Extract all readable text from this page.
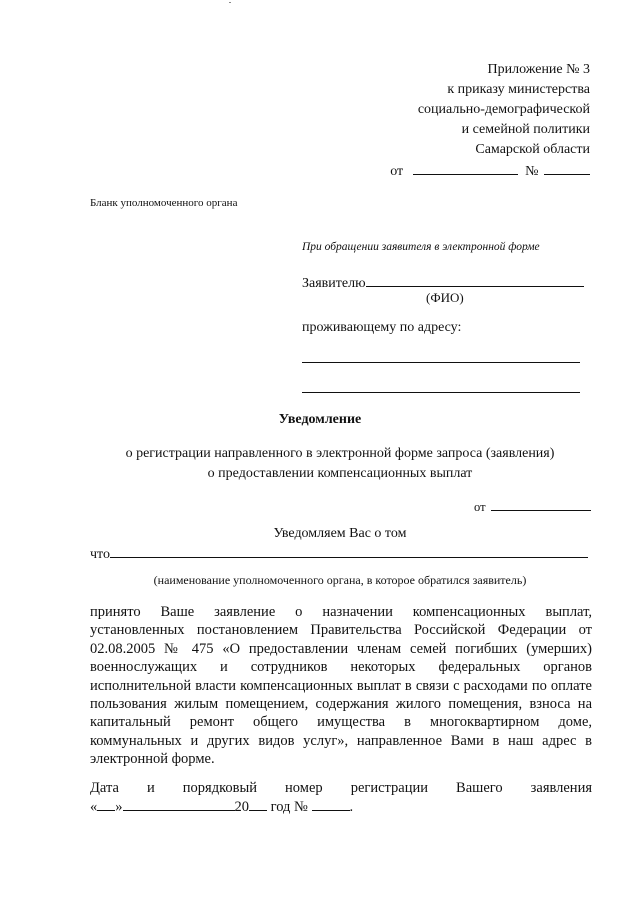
Приложение № 3
к приказу министерства
социально-демографической
и семейной политики
Самарской области
от	№
Бланк уполномоченного органа
При обращении заявителя в электронной форме
Заявителю
(ФИО)
проживающему по адресу:
Уведомление
о регистрации направленного в электронной форме запроса (заявления)
о предоставлении компенсационных выплат
от
Уведомляем Вас о том
что
(наименование уполномоченного органа, в которое обратился заявитель)

принято Ваше заявление о назначении компенсационных выплат, установленных постановлением Правительства Российской Федерации от 02.08.2005 № 475 «О предоставлении членам семей погибших (умерших) военнослужащих и сотрудников некоторых федеральных органов исполнительной власти компенсационных выплат в связи с расходами по оплате пользования жилым помещением, содержания жилого помещения, взноса на капитальный ремонт общего имущества в многоквартирном доме, коммунальных и других видов услуг», направленное Вами в наш адрес в электронной форме.

Дата и порядковый номер регистрации Вашего заявления
« »	20 год №	.
